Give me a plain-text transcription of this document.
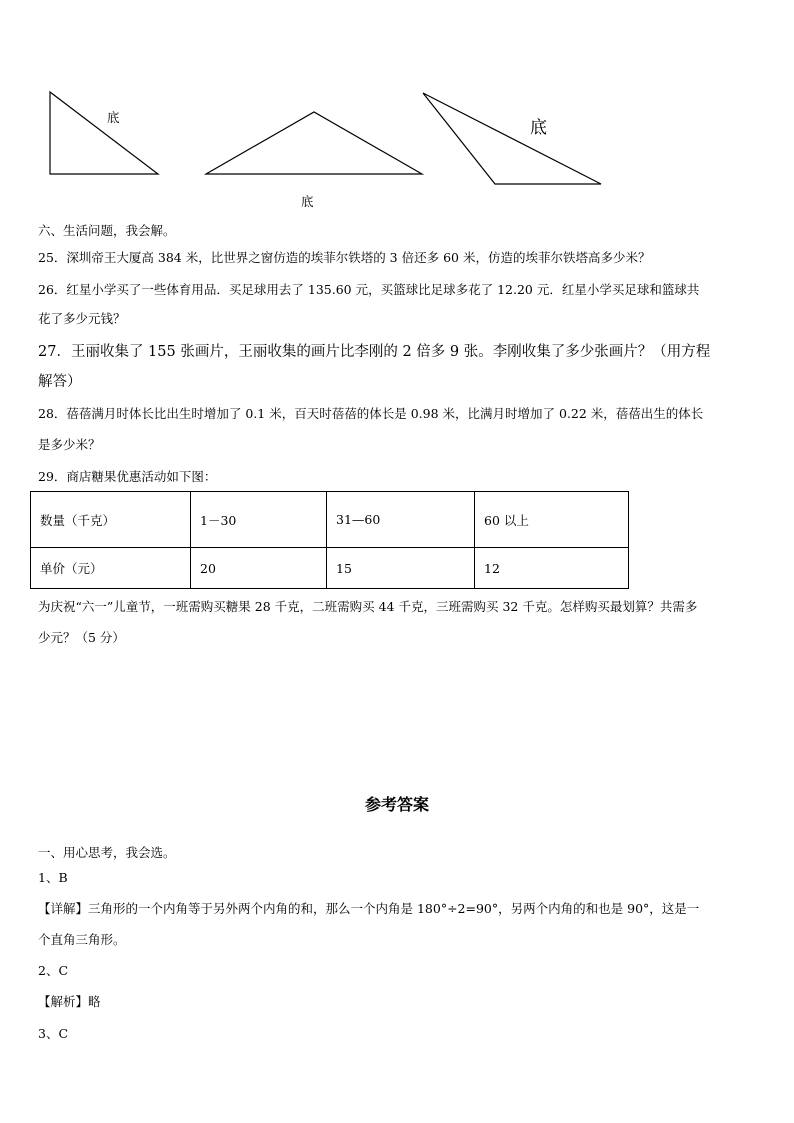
底
底
底
六、生活问题，我会解。
25．深圳帝王大厦高 384 米，比世界之窗仿造的埃菲尔铁塔的 3 倍还多 60 米，仿造的埃菲尔铁塔高多少米？
26．红星小学买了一些体育用品．买足球用去了 135.60 元，买篮球比足球多花了 12.20 元．红星小学买足球和篮球共
花了多少元钱？
27．王丽收集了 155 张画片，王丽收集的画片比李刚的 2 倍多 9 张。李刚收集了多少张画片？（用方程
解答）
28．蓓蓓满月时体长比出生时增加了 0.1 米，百天时蓓蓓的体长是 0.98 米，比满月时增加了 0.22 米，蓓蓓出生的体长
是多少米？
29．商店糖果优惠活动如下图：
数量（千克）	1－30	31—60	60 以上
单价（元）	20	15	12
为庆祝“六一”儿童节，一班需购买糖果 28 千克，二班需购买 44 千克，三班需购买 32 千克。怎样购买最划算？共需多
少元？（5 分）
参考答案
一、用心思考，我会选。
1、B
【详解】三角形的一个内角等于另外两个内角的和，那么一个内角是 180°÷2=90°，另两个内角的和也是 90°，这是一
个直角三角形。
2、C
【解析】略
3、C
